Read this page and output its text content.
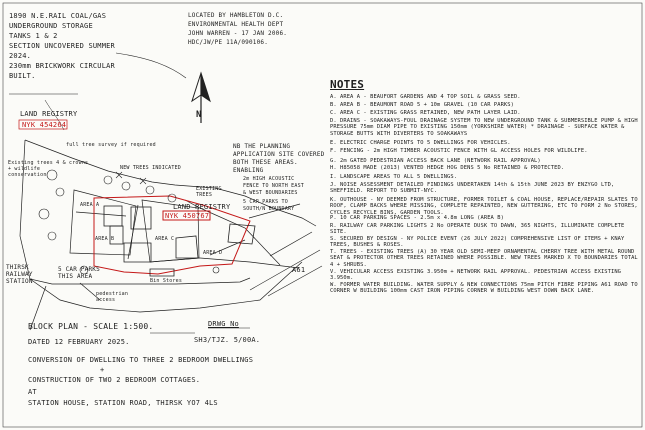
1890 N.E.RAIL COAL/GAS
UNDERGROUND STORAGE
TANKS 1 & 2
SECTION UNCOVERED SUMMER
2024.
230mm BRICKWORK CIRCULAR
BUILT.
LOCATED BY HAMBLETON D.C.
ENVIRONMENTAL HEALTH DEPT
JOHN WARREN - 17 JAN 2006.
HDC/JW/PE 11A/090106.
LAND REGISTRY
NYK 454264
N
NB THE PLANNING
APPLICATION SITE COVERED
BOTH THESE AREAS.
ENABLING
2m HIGH ACOUSTIC
FENCE TO NORTH EAST
& WEST BOUNDARIES
5 CAR PARKS TO
SOUTH/N BOUNDARY
full tree survey if required
NEW TREES INDICATED
EXISTING
TREES
NYK 450767
LAND REGISTRY
AREA A
AREA B	AREA C
AREA D
Existing trees 4 & crowns
+ wildlife
conservation
THIRSK RAILWAY STATION
5 CAR PARKS THIS AREA
A61
pedestrian
access
Bin Stores
NOTES
A. AREA A - BEAUFORT GARDENS AND 4 TOP SOIL & GRASS SEED.
B. AREA B - BEAUMONT ROAD 5 + 10m GRAVEL (10 CAR PARKS)
C. AREA C - EXISTING GRASS RETAINED, NEW PATH LAYER LAID.
D. DRAINS - SOAKAWAYS-FOUL DRAINAGE SYSTEM TO NEW UNDERGROUND TANK & SUBMERSIBLE PUMP & HIGH PRESSURE 75mm DIAM PIPE TO EXISTING 150mm (YORKSHIRE WATER) * DRAINAGE - SURFACE WATER & STORAGE BUTTS WITH DIVERTERS TO SOAKAWAYS
E. ELECTRIC CHARGE POINTS TO 5 DWELLINGS FOR VEHICLES.
F. FENCING - 2m HIGH TIMBER ACOUSTIC FENCE WITH GL ACCESS HOLES FOR WILDLIFE.
G. 2m GATED PEDESTRIAN ACCESS BACK LANE (NETWORK RAIL APPROVAL)
H. H85058 MADE (2013) VENTED HEDGE HOG DENS 5 No RETAINED & PROTECTED.
I. LANDSCAPE AREAS TO ALL 5 DWELLINGS.
J. NOISE ASSESSMENT DETAILED FINDINGS UNDERTAKEN 14th & 15th JUNE 2023 BY ENZYGO LTD, SHEFFIELD. REPORT TO SUBMIT-NYC.
K. OUTHOUSE - NY DEEMED FROM STRUCTURE, FORMER TOILET & COAL HOUSE, REPLACE/REPAIR SLATES TO ROOF, CLAMP BACKS WHERE MISSING, COMPLETE REPAINTED, NEW GUTTERING, ETC TO FORM 2 No STORES, CYCLES RECYCLE BINS, GARDEN TOOLS.
P. 10 CAR PARKING SPACES - 2.5m x 4.8m LONG (AREA B)
R. RAILWAY CAR PARKING LIGHTS 2 No OPERATE DUSK TO DAWN, 365 NIGHTS, ILLUMINATE COMPLETE SITE.
S. SECURED BY DESIGN - NY POLICE EVENT (26 JULY 2022) COMPREHENSIVE LIST OF ITEMS + KNAY TREES, BUSHES & ROSES.
T. TREES - EXISTING TREES (A) 30 YEAR OLD SEMI-MEEP ORNAMENTAL CHERRY TREE WITH METAL ROUND SEAT & PROTECTOR OTHER TREES RETAINED WHERE POSSIBLE. NEW TREES MARKED X TO BOUNDARIES TOTAL 4 + SHRUBS.
V. VEHICULAR ACCESS EXISTING 3.950m + NETWORK RAIL APPROVAL. PEDESTRIAN ACCESS EXISTING 3.950m.
W. FORMER WATER BUILDING. WATER SUPPLY & NEW CONNECTIONS 75mm PITCH FIBRE PIPING A61 ROAD TO CORNER W BUILDING 100mm CAST IRON PIPING CORNER W BUILDING WEST DOWN BACK LANE.
BLOCK PLAN - SCALE 1:500.	DRWG No
SH3/TJZ. 5/00A.
DATED 12 FEBRUARY 2025.
CONVERSION OF DWELLING TO THREE 2 BEDROOM DWELLINGS
+
CONSTRUCTION OF TWO 2 BEDROOM COTTAGES.
AT
STATION HOUSE, STATION ROAD, THIRSK YO7 4LS
